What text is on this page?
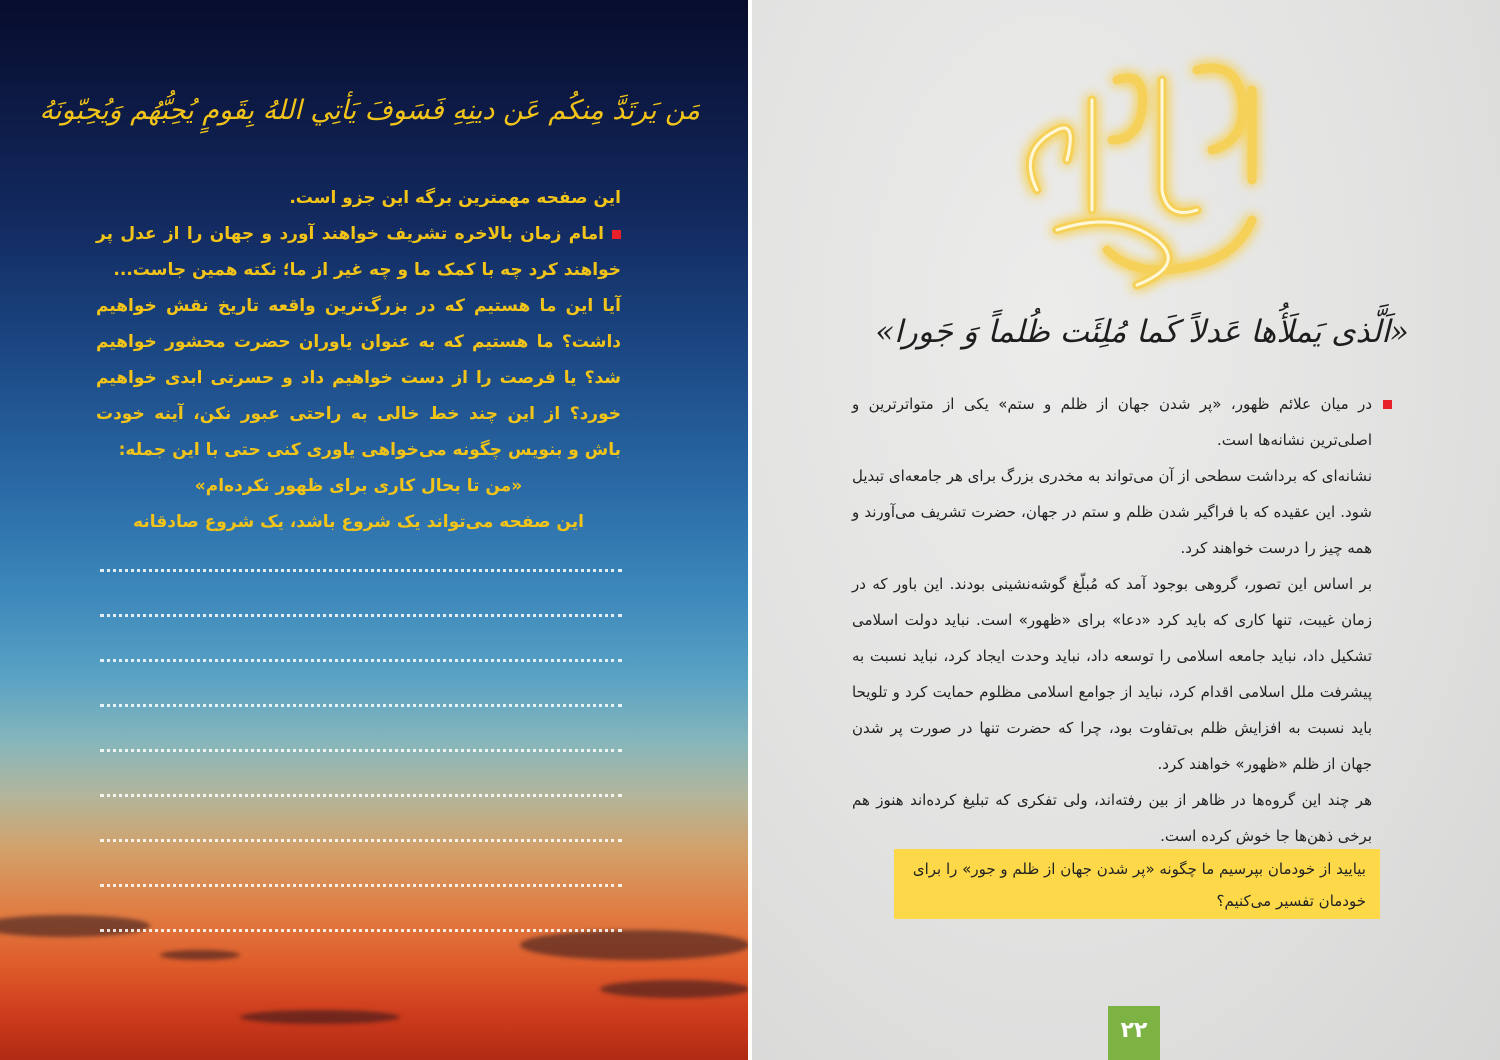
مَن يَرتَدَّ مِنكُم عَن دينِهِ فَسَوفَ يَأتِي اللهُ بِقَومٍ يُحِبُّهُم وَيُحِبّونَهُ

این صفحه مهمترین برگه این جزو است.

امام زمان بالاخره تشریف خواهند آورد و جهان را از عدل پر خواهند کرد چه با کمک ما و چه غیر از ما؛ نکته همین جاست...

آیا این ما هستیم که در بزرگ‌ترین واقعه تاریخ نقش خواهیم داشت؟ ما هستیم که به عنوان یاوران حضرت محشور خواهیم شد؟ یا فرصت را از دست خواهیم داد و حسرتی ابدی خواهیم خورد؟ از این چند خط خالی به راحتی عبور نکن، آینه خودت باش و بنویس چگونه می‌خواهی یاوری کنی حتی با این جمله:

«من تا بحال کاری برای ظهور نکرده‌ام»

این صفحه می‌تواند یک شروع باشد، یک شروع صادقانه

«اَلَّذی یَملَأُها عَدلاً کَما مُلِئَت ظُلماً وَ جَورا»

در میان علائم ظهور، «پر شدن جهان از ظلم و ستم» یکی از متواترترین و اصلی‌ترین نشانه‌ها است.

نشانه‌ای که برداشت سطحی از آن می‌تواند به مخدری بزرگ برای هر جامعه‌ای تبدیل شود. این عقیده که با فراگیر شدن ظلم و ستم در جهان، حضرت تشریف می‌آورند و همه چیز را درست خواهند کرد.

بر اساس این تصور، گروهی بوجود آمد که مُبلّغ گوشه‌نشینی بودند. این باور که در زمان غیبت، تنها کاری که باید کرد «دعا» برای «ظهور» است. نباید دولت اسلامی تشکیل داد، نباید جامعه اسلامی را توسعه داد، نباید وحدت ایجاد کرد، نباید نسبت به پیشرفت ملل اسلامی اقدام کرد، نباید از جوامع اسلامی مظلوم حمایت کرد و تلویحا باید نسبت به افزایش ظلم بی‌تفاوت بود، چرا که حضرت تنها در صورت پر شدن جهان از ظلم «ظهور» خواهند کرد.

هر چند این گروه‌ها در ظاهر از بین رفته‌اند، ولی تفکری که تبلیغ کرده‌اند هنوز هم برخی ذهن‌ها جا خوش کرده است.

بیایید از خودمان بپرسیم ما چگونه «پر شدن جهان از ظلم و جور» را برای خودمان تفسیر می‌کنیم؟
۲۲
